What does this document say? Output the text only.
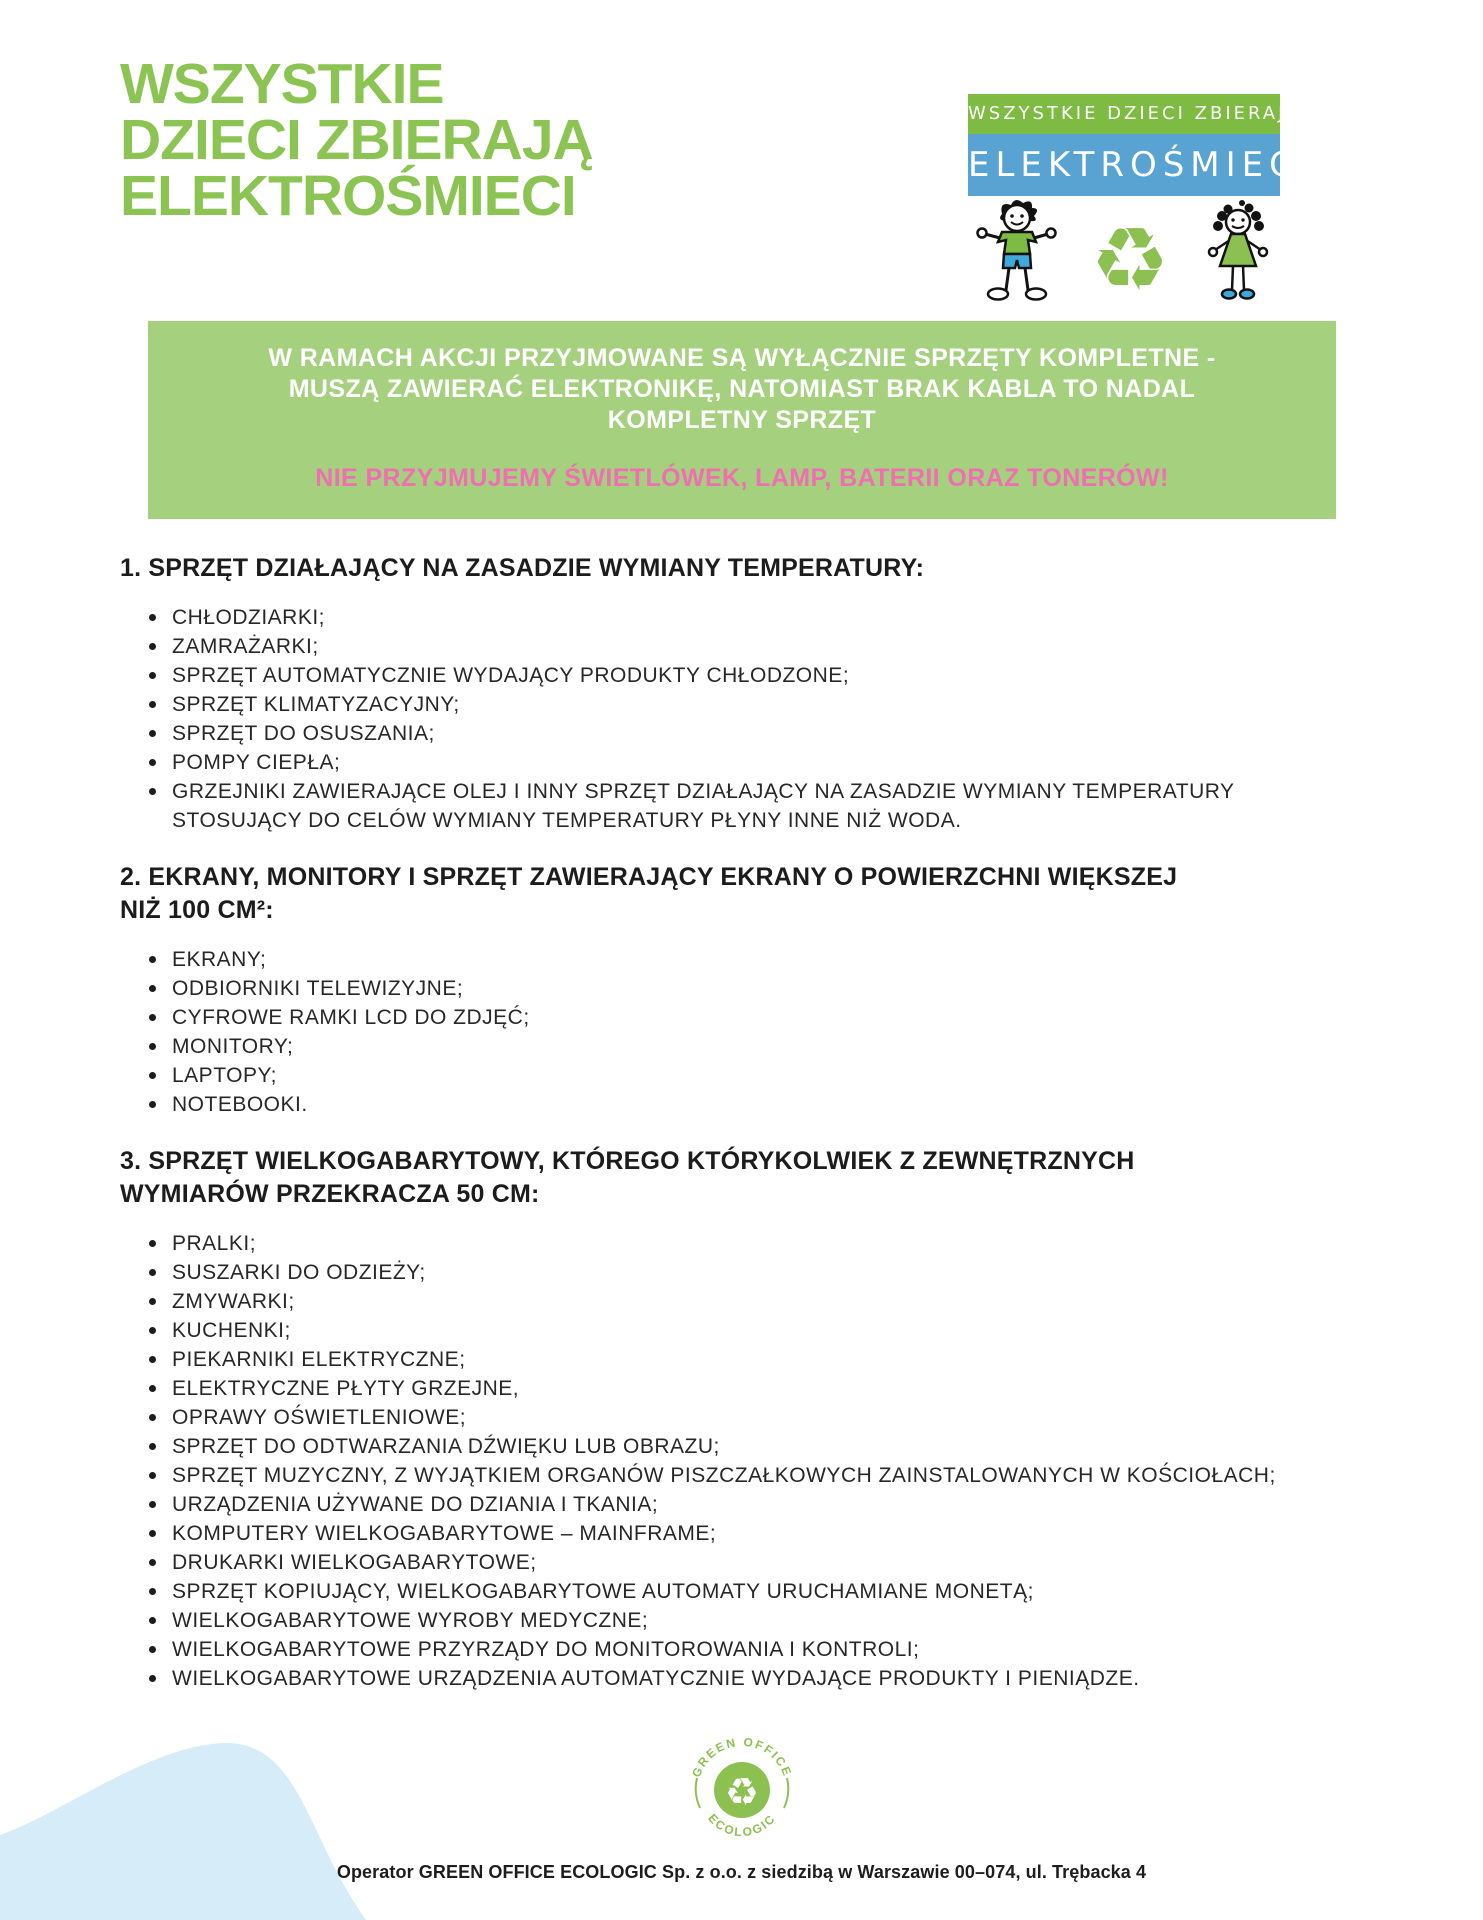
WSZYSTKIE
DZIECI ZBIERAJĄ
ELEKTROŚMIECI
WSZYSTKIE DZIECI ZBIERAJĄ
ELEKTROŚMIECI
♻
W RAMACH AKCJI PRZYJMOWANE SĄ WYŁĄCZNIE SPRZĘTY KOMPLETNE -
MUSZĄ ZAWIERAĆ ELEKTRONIKĘ, NATOMIAST BRAK KABLA TO NADAL
KOMPLETNY SPRZĘT
NIE PRZYJMUJEMY ŚWIETLÓWEK, LAMP, BATERII ORAZ TONERÓW!
1. SPRZĘT DZIAŁAJĄCY NA ZASADZIE WYMIANY TEMPERATURY:
CHŁODZIARKI;
ZAMRAŻARKI;
SPRZĘT AUTOMATYCZNIE WYDAJĄCY PRODUKTY CHŁODZONE;
SPRZĘT KLIMATYZACYJNY;
SPRZĘT DO OSUSZANIA;
POMPY CIEPŁA;
GRZEJNIKI ZAWIERAJĄCE OLEJ I INNY SPRZĘT DZIAŁAJĄCY NA ZASADZIE WYMIANY TEMPERATURY STOSUJĄCY DO CELÓW WYMIANY TEMPERATURY PŁYNY INNE NIŻ WODA.
2. EKRANY, MONITORY I SPRZĘT ZAWIERAJĄCY EKRANY O POWIERZCHNI WIĘKSZEJ
NIŻ 100 CM²:
EKRANY;
ODBIORNIKI TELEWIZYJNE;
CYFROWE RAMKI LCD DO ZDJĘĆ;
MONITORY;
LAPTOPY;
NOTEBOOKI.
3. SPRZĘT WIELKOGABARYTOWY, KTÓREGO KTÓRYKOLWIEK Z ZEWNĘTRZNYCH
WYMIARÓW PRZEKRACZA 50 CM:
PRALKI;
SUSZARKI DO ODZIEŻY;
ZMYWARKI;
KUCHENKI;
PIEKARNIKI ELEKTRYCZNE;
ELEKTRYCZNE PŁYTY GRZEJNE,
OPRAWY OŚWIETLENIOWE;
SPRZĘT DO ODTWARZANIA DŹWIĘKU LUB OBRAZU;
SPRZĘT MUZYCZNY, Z WYJĄTKIEM ORGANÓW PISZCZAŁKOWYCH ZAINSTALOWANYCH W KOŚCIOŁACH;
URZĄDZENIA UŻYWANE DO DZIANIA I TKANIA;
KOMPUTERY WIELKOGABARYTOWE – MAINFRAME;
DRUKARKI WIELKOGABARYTOWE;
SPRZĘT KOPIUJĄCY, WIELKOGABARYTOWE AUTOMATY URUCHAMIANE MONETĄ;
WIELKOGABARYTOWE WYROBY MEDYCZNE;
WIELKOGABARYTOWE PRZYRZĄDY DO MONITOROWANIA I KONTROLI;
WIELKOGABARYTOWE URZĄDZENIA AUTOMATYCZNIE WYDAJĄCE PRODUKTY I PIENIĄDZE.
♻
GREEN OFFICE
ECOLOGIC
Operator GREEN OFFICE ECOLOGIC Sp. z o.o. z siedzibą w Warszawie 00–074, ul. Trębacka 4
